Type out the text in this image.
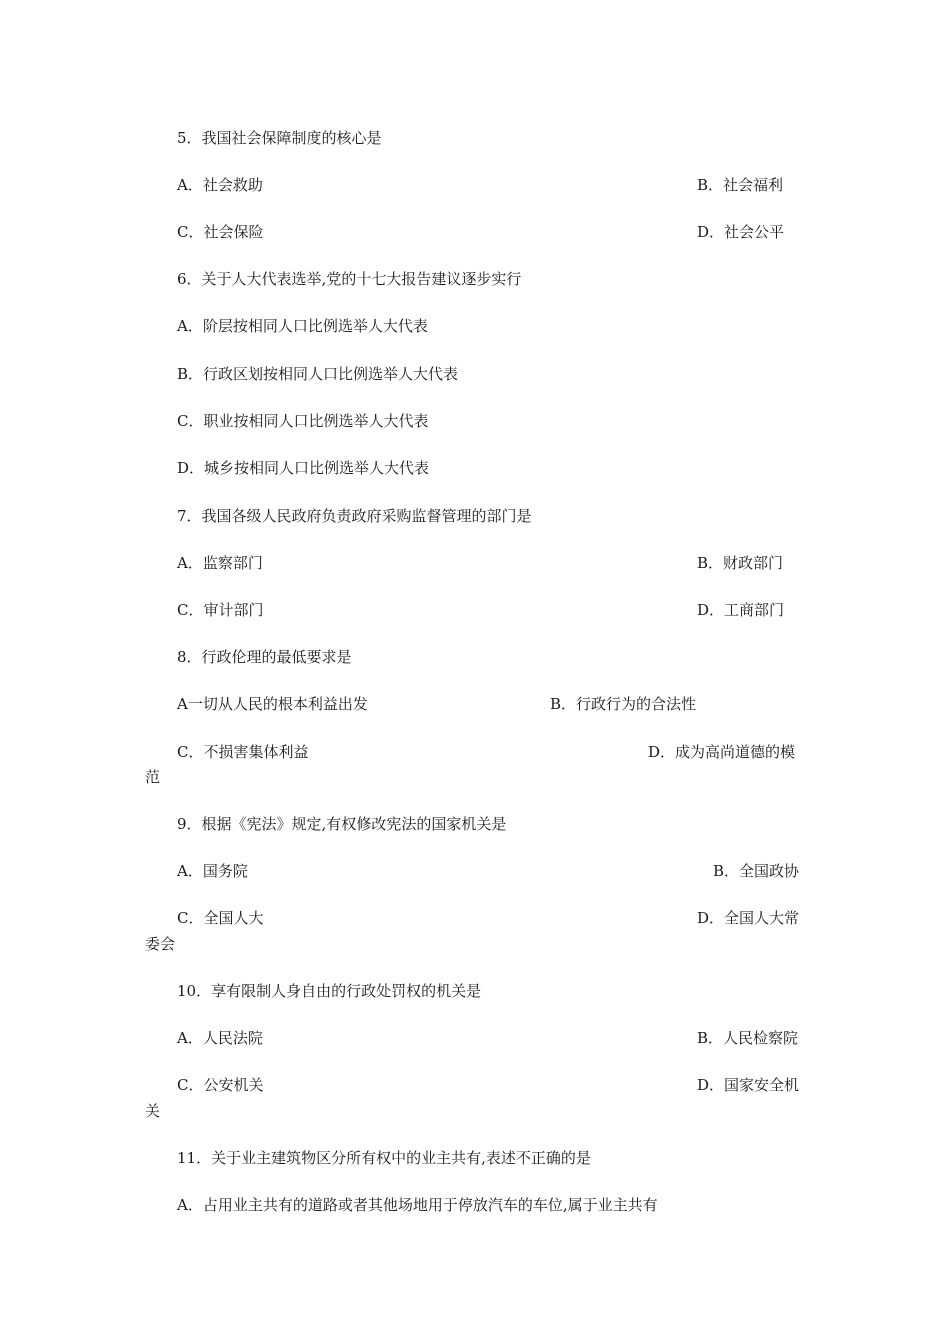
5．我国社会保障制度的核心是
A．社会救助	B．社会福利
C．社会保险	D．社会公平
6．关于人大代表选举,党的十七大报告建议逐步实行
A．阶层按相同人口比例选举人大代表
B．行政区划按相同人口比例选举人大代表
C．职业按相同人口比例选举人大代表
D．城乡按相同人口比例选举人大代表
7．我国各级人民政府负责政府采购监督管理的部门是
A．监察部门	B．财政部门
C．审计部门	D．工商部门
8．行政伦理的最低要求是
A一切从人民的根本利益出发	B．行政行为的合法性
C．不损害集体利益	D．成为高尚道德的模
范
9．根据《宪法》规定,有权修改宪法的国家机关是
A．国务院	B．全国政协
C．全国人大	D．全国人大常
委会
10．享有限制人身自由的行政处罚权的机关是
A．人民法院	B．人民检察院
C．公安机关	D．国家安全机
关
11．关于业主建筑物区分所有权中的业主共有,表述不正确的是
A．占用业主共有的道路或者其他场地用于停放汽车的车位,属于业主共有
